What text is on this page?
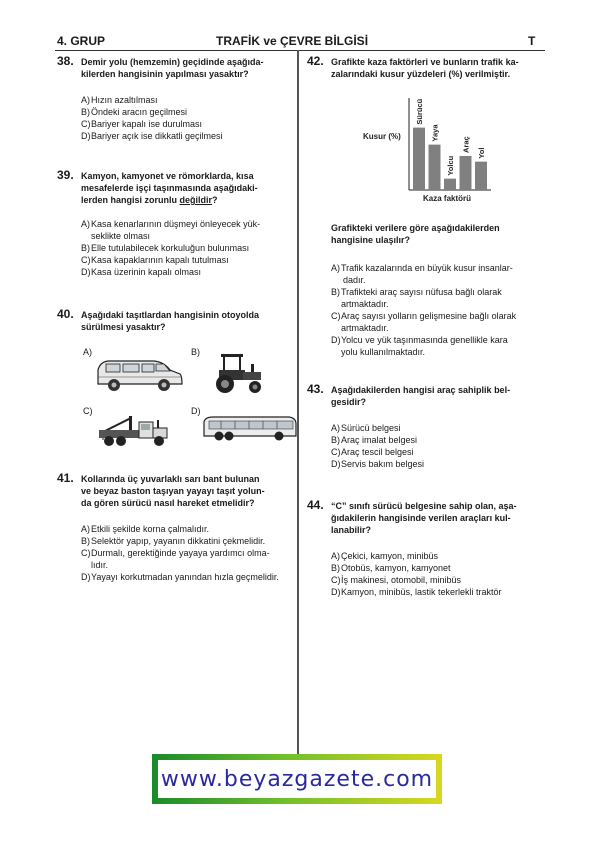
4. GRUP	TRAFİK ve ÇEVRE BİLGİSİ	T
38. Demir yolu (hemzemin) geçidinde aşağıda-
kilerden hangisinin yapılması yasaktır?
A) Hızın azaltılması
B) Öndeki aracın geçilmesi
C) Bariyer kapalı ise durulması
D) Bariyer açık ise dikkatli geçilmesi
39. Kamyon, kamyonet ve römorklarda, kısa
mesafelerde işçi taşınmasında aşağıdaki-
lerden hangisi zorunlu değildir?
A) Kasa kenarlarının düşmeyi önleyecek yük-
seklikte olması
B) Elle tutulabilecek korkuluğun bulunması
C) Kasa kapaklarının kapalı tutulması
D) Kasa üzerinin kapalı olması
40. Aşağıdaki taşıtlardan hangisinin otoyolda
sürülmesi yasaktır?
A)	B)
C)	D)
41. Kollarında üç yuvarlaklı sarı bant bulunan
ve beyaz baston taşıyan yayayı taşıt yolun-
da gören sürücü nasıl hareket etmelidir?
A) Etkili şekilde korna çalmalıdır.
B) Selektör yapıp, yayanın dikkatini çekmelidir.
C) Durmalı, gerektiğinde yayaya yardımcı olma-
lıdır.
D) Yayayı korkutmadan yanından hızla geçmelidir.
42. Grafikte kaza faktörleri ve bunların trafik ka-
zalarındaki kusur yüzdeleri (%) verilmiştir.
Kusur (%)
Sürücü
Yaya
Yolcu
Araç
Yol
Kaza faktörü
Grafikteki verilere göre aşağıdakilerden
hangisine ulaşılır?
A) Trafik kazalarında en büyük kusur insanlar-
dadır.
B) Trafikteki araç sayısı nüfusa bağlı olarak
artmaktadır.
C) Araç sayısı yolların gelişmesine bağlı olarak
artmaktadır.
D) Yolcu ve yük taşınmasında genellikle kara
yolu kullanılmaktadır.
43. Aşağıdakilerden hangisi araç sahiplik bel-
gesidir?
A) Sürücü belgesi
B) Araç imalat belgesi
C) Araç tescil belgesi
D) Servis bakım belgesi
44. “C” sınıfı sürücü belgesine sahip olan, aşa-
ğıdakilerin hangisinde verilen araçları kul-
lanabilir?
A) Çekici, kamyon, minibüs
B) Otobüs, kamyon, kamyonet
C) İş makinesi, otomobil, minibüs
D) Kamyon, minibüs, lastik tekerlekli traktör
www.beyazgazete.com
